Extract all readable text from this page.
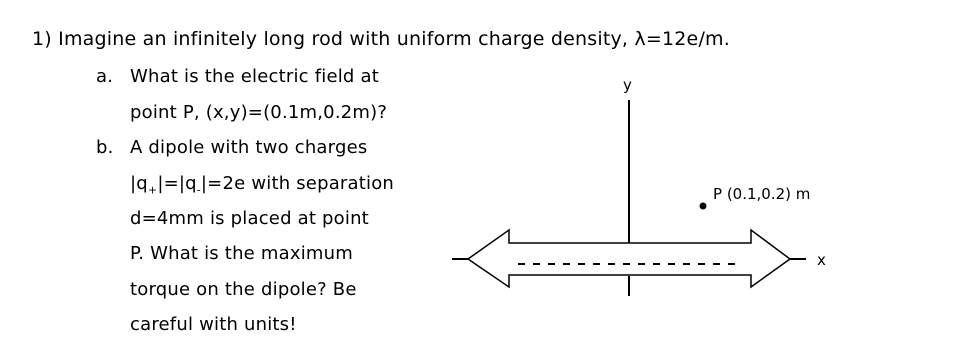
1) Imagine an infinitely long rod with uniform charge density, λ=12e/m.
a. What is the electric field at
point P, (x,y)=(0.1m,0.2m)?
b. A dipole with two charges
$|q_+|=|q_-|=2e$ with separation
d=4mm is placed at point
P. What is the maximum
torque on the dipole? Be
careful with units!
y
x
P (0.1,0.2) m
